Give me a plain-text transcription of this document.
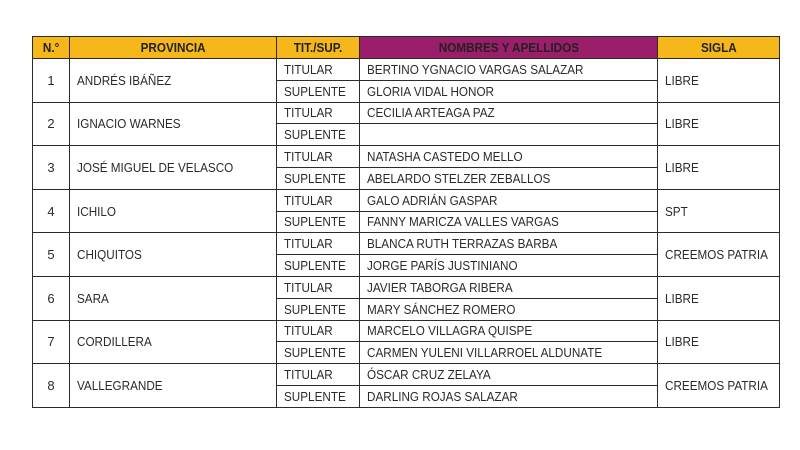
N.°	PROVINCIA	TIT./SUP.	NOMBRES Y APELLIDOS	SIGLA
1	ANDRÉS IBÁÑEZ	TITULAR	BERTINO YGNACIO VARGAS SALAZAR	LIBRE
		SUPLENTE	GLORIA VIDAL HONOR	
2	IGNACIO WARNES	TITULAR	CECILIA ARTEAGA PAZ	LIBRE
		SUPLENTE		
3	JOSÉ MIGUEL DE VELASCO	TITULAR	NATASHA CASTEDO MELLO	LIBRE
		SUPLENTE	ABELARDO STELZER ZEBALLOS	
4	ICHILO	TITULAR	GALO ADRIÁN GASPAR	SPT
		SUPLENTE	FANNY MARICZA VALLES VARGAS	
5	CHIQUITOS	TITULAR	BLANCA RUTH TERRAZAS BARBA	CREEMOS PATRIA
		SUPLENTE	JORGE PARÍS JUSTINIANO	
6	SARA	TITULAR	JAVIER TABORGA RIBERA	LIBRE
		SUPLENTE	MARY SÁNCHEZ ROMERO	
7	CORDILLERA	TITULAR	MARCELO VILLAGRA QUISPE	LIBRE
		SUPLENTE	CARMEN YULENI VILLARROEL ALDUNATE	
8	VALLEGRANDE	TITULAR	ÓSCAR CRUZ ZELAYA	CREEMOS PATRIA
		SUPLENTE	DARLING ROJAS SALAZAR	
